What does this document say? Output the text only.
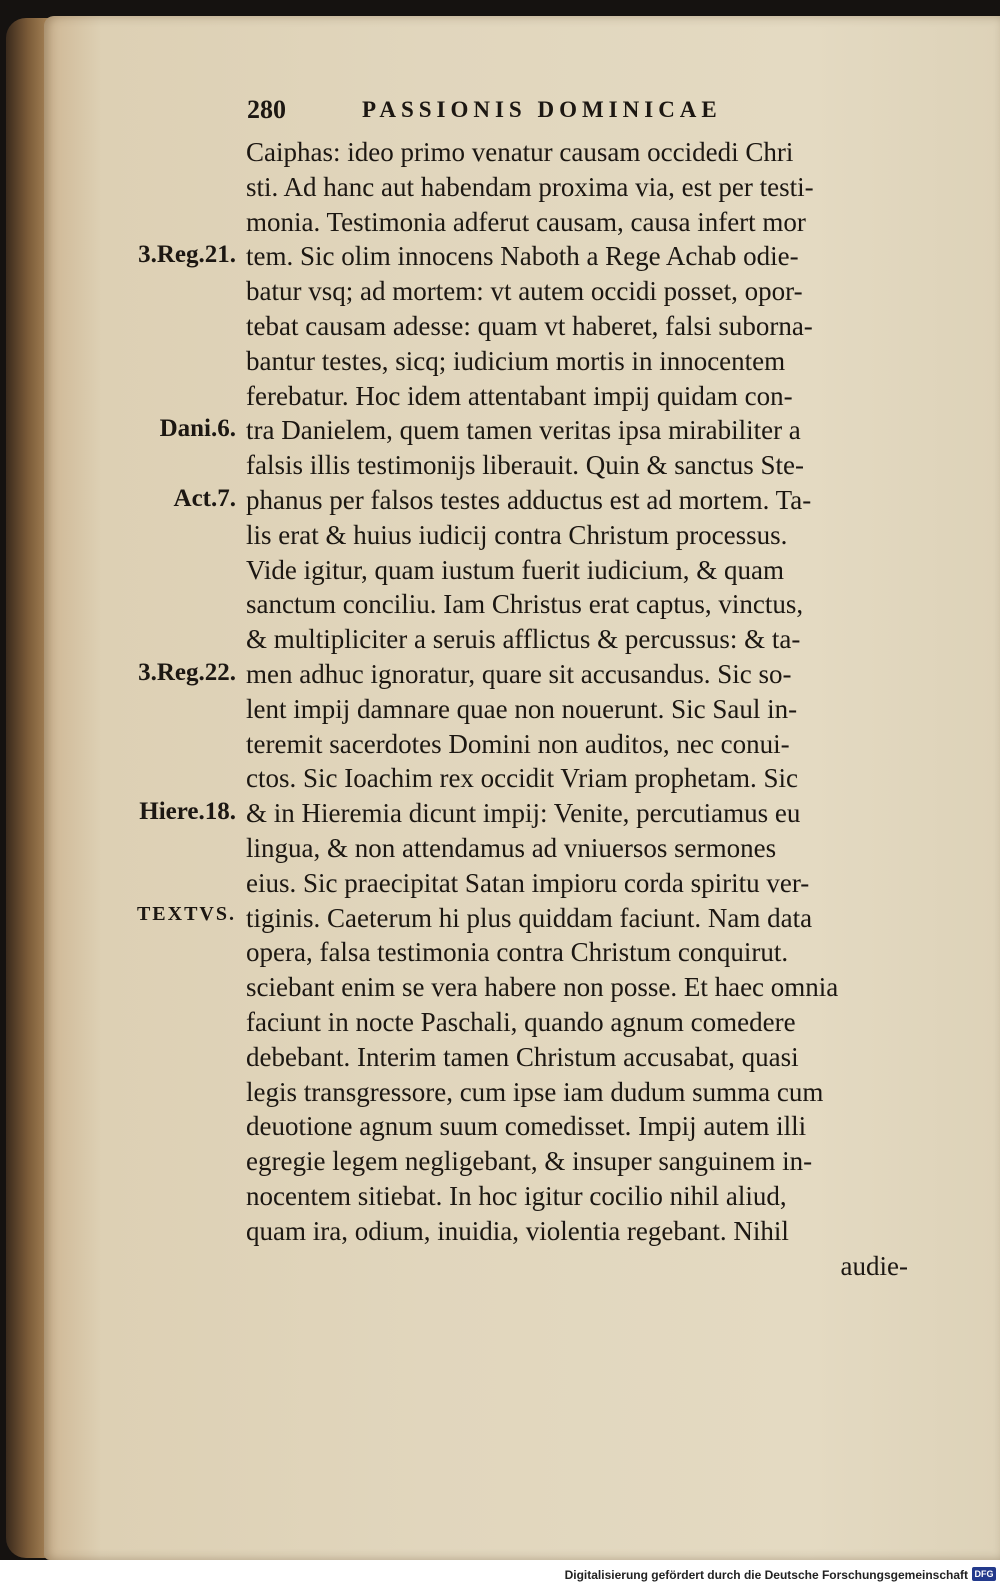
280	PASSIONIS DOMINICAE
Caiphas: ideo primo venatur causam occidedi Chri
sti. Ad hanc aut habendam proxima via, est per testi-
monia. Testimonia adferut causam, causa infert mor
tem. Sic olim innocens Naboth a Rege Achab odie-
batur vsq; ad mortem: vt autem occidi posset, opor-
tebat causam adesse: quam vt haberet, falsi suborna-
bantur testes, sicq; iudicium mortis in innocentem
ferebatur. Hoc idem attentabant impij quidam con-
tra Danielem, quem tamen veritas ipsa mirabiliter a
falsis illis testimonijs liberauit. Quin & sanctus Ste-
phanus per falsos testes adductus est ad mortem. Ta-
lis erat & huius iudicij contra Christum processus.
Vide igitur, quam iustum fuerit iudicium, & quam
sanctum conciliu. Iam Christus erat captus, vinctus,
& multipliciter a seruis afflictus & percussus: & ta-
men adhuc ignoratur, quare sit accusandus. Sic so-
lent impij damnare quae non nouerunt. Sic Saul in-
teremit sacerdotes Domini non auditos, nec conui-
ctos. Sic Ioachim rex occidit Vriam prophetam. Sic
& in Hieremia dicunt impij: Venite, percutiamus eu
lingua, & non attendamus ad vniuersos sermones
eius. Sic praecipitat Satan impioru corda spiritu ver-
tiginis. Caeterum hi plus quiddam faciunt. Nam data
opera, falsa testimonia contra Christum conquirut.
sciebant enim se vera habere non posse. Et haec omnia
faciunt in nocte Paschali, quando agnum comedere
debebant. Interim tamen Christum accusabat, quasi
legis transgressore, cum ipse iam dudum summa cum
deuotione agnum suum comedisset. Impij autem illi
egregie legem negligebant, & insuper sanguinem in-
nocentem sitiebat. In hoc igitur cocilio nihil aliud,
quam ira, odium, inuidia, violentia regebant. Nihil
audie-
3.Reg.21.
Dani.6.
Act.7.
3.Reg.22.
Hiere.18.
TEXTVS.
Digitalisierung gefördert durch die Deutsche Forschungsgemeinschaft DFG
